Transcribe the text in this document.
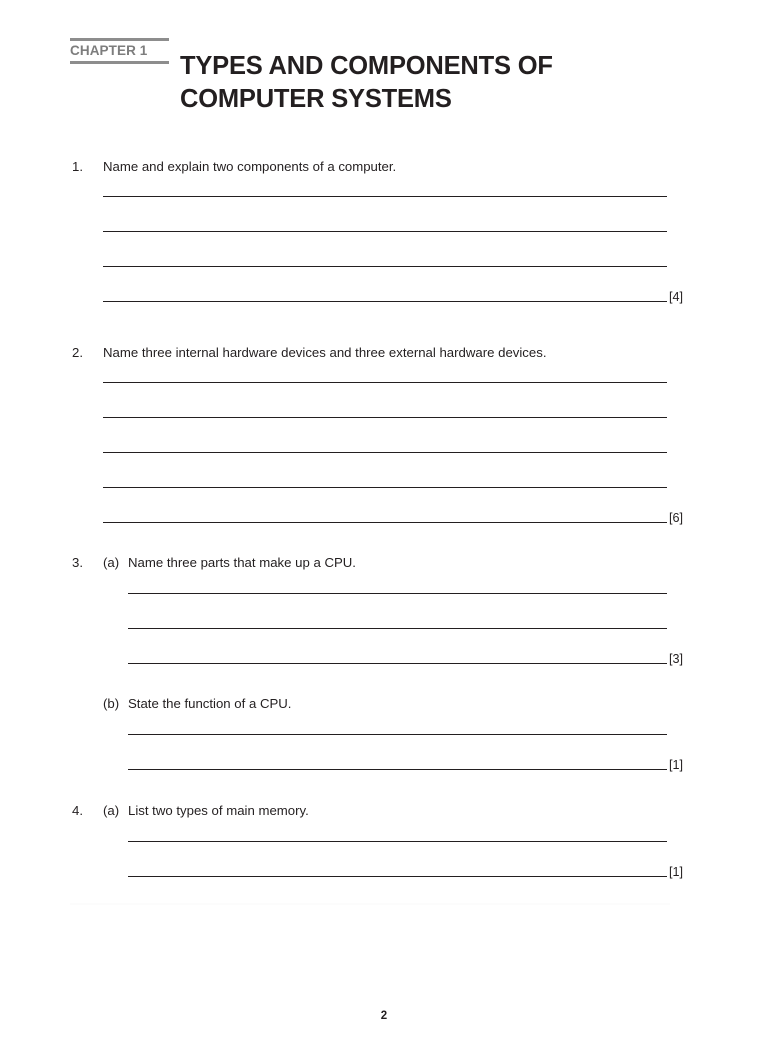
CHAPTER 1
TYPES AND COMPONENTS OF COMPUTER SYSTEMS
1. Name and explain two components of a computer.
[4]
2. Name three internal hardware devices and three external hardware devices.
[6]
3. (a) Name three parts that make up a CPU.
[3]
(b) State the function of a CPU.
[1]
4. (a) List two types of main memory.
[1]
2
